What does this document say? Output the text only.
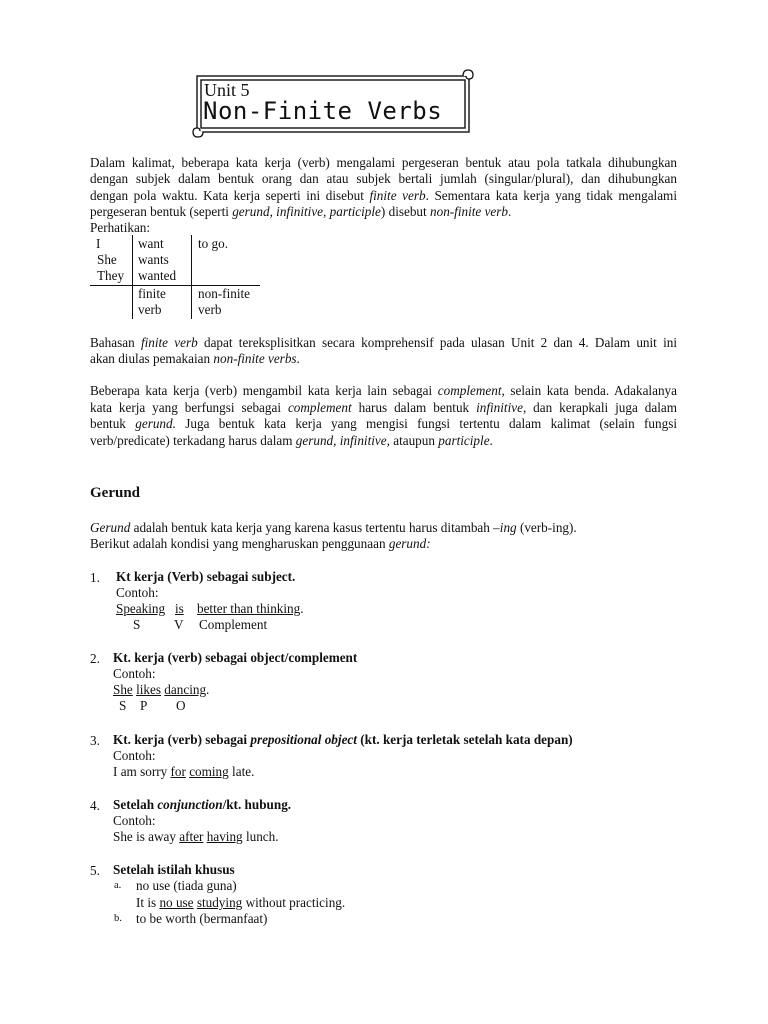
Unit 5
Non-Finite Verbs
Dalam kalimat, beberapa kata kerja (verb) mengalami pergeseran bentuk atau pola tatkala dihubungkan
dengan subjek dalam bentuk orang dan atau subjek bertali jumlah (singular/plural), dan dihubungkan
dengan pola waktu. Kata kerja seperti ini disebut finite verb. Sementara kata kerja yang tidak mengalami
pergeseran bentuk (seperti gerund, infinitive, participle) disebut non-finite verb.
Perhatikan:
I
She
They
want
wants
wanted
to go.
finite
verb
non-finite
verb
Bahasan finite verb dapat tereksplisitkan secara komprehensif pada ulasan Unit 2 dan 4. Dalam unit ini
akan diulas pemakaian non-finite verbs.
Beberapa kata kerja (verb) mengambil kata kerja lain sebagai complement, selain kata benda. Adakalanya
kata kerja yang berfungsi sebagai complement harus dalam bentuk infinitive, dan kerapkali juga dalam
bentuk gerund. Juga bentuk kata kerja yang mengisi fungsi tertentu dalam kalimat (selain fungsi
verb/predicate) terkadang harus dalam gerund, infinitive, ataupun participle.
Gerund
Gerund adalah bentuk kata kerja yang karena kasus tertentu harus ditambah –ing (verb-ing).
Berikut adalah kondisi yang mengharuskan penggunaan gerund:
1. Kt kerja (Verb) sebagai subject.
Contoh:
Speaking is better than thinking.
S	V Complement
2. Kt. kerja (verb) sebagai object/complement
Contoh:
She likes dancing.
S P O
3. Kt. kerja (verb) sebagai prepositional object (kt. kerja terletak setelah kata depan)
Contoh:
I am sorry for coming late.
4. Setelah conjunction/kt. hubung.
Contoh:
She is away after having lunch.
5. Setelah istilah khusus
a. no use (tiada guna)
It is no use studying without practicing.
b. to be worth (bermanfaat)
